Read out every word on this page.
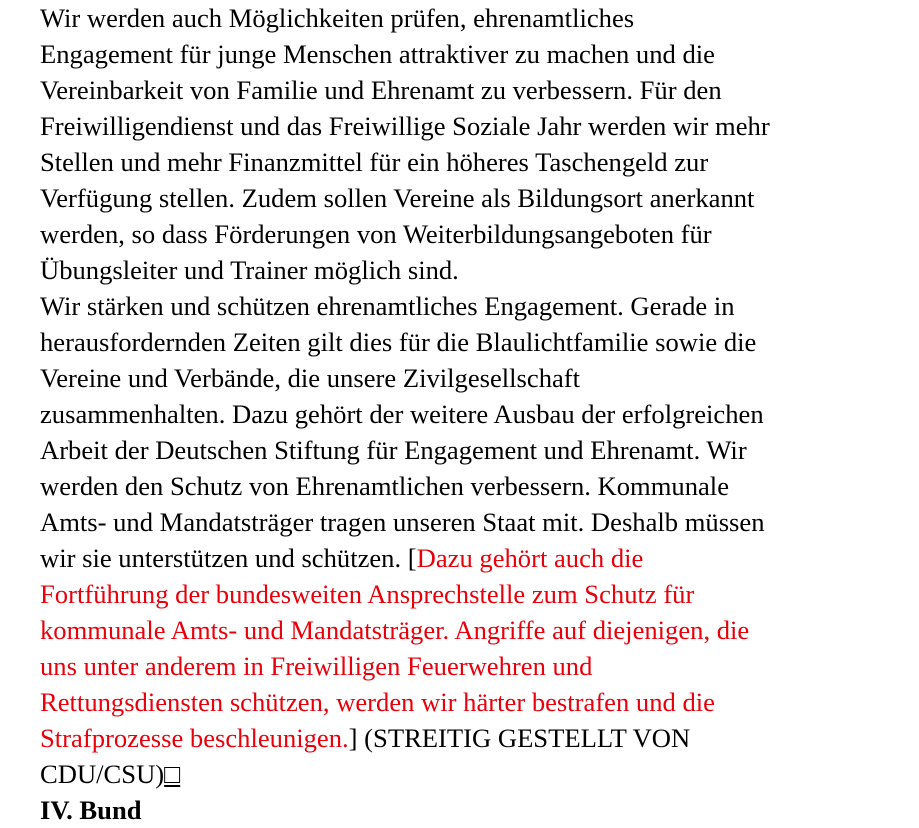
Wir werden auch Möglichkeiten prüfen, ehrenamtliches
Engagement für junge Menschen attraktiver zu machen und die
Vereinbarkeit von Familie und Ehrenamt zu verbessern. Für den
Freiwilligendienst und das Freiwillige Soziale Jahr werden wir mehr
Stellen und mehr Finanzmittel für ein höheres Taschengeld zur
Verfügung stellen. Zudem sollen Vereine als Bildungsort anerkannt
werden, so dass Förderungen von Weiterbildungsangeboten für
Übungsleiter und Trainer möglich sind.
Wir stärken und schützen ehrenamtliches Engagement. Gerade in
herausfordernden Zeiten gilt dies für die Blaulichtfamilie sowie die
Vereine und Verbände, die unsere Zivilgesellschaft
zusammenhalten. Dazu gehört der weitere Ausbau der erfolgreichen
Arbeit der Deutschen Stiftung für Engagement und Ehrenamt. Wir
werden den Schutz von Ehrenamtlichen verbessern. Kommunale
Amts- und Mandatsträger tragen unseren Staat mit. Deshalb müssen
wir sie unterstützen und schützen. [Dazu gehört auch die
Fortführung der bundesweiten Ansprechstelle zum Schutz für
kommunale Amts- und Mandatsträger. Angriffe auf diejenigen, die
uns unter anderem in Freiwilligen Feuerwehren und
Rettungsdiensten schützen, werden wir härter bestrafen und die
Strafprozesse beschleunigen.] (STREITIG GESTELLT VON
CDU/CSU)□
IV. Bund
